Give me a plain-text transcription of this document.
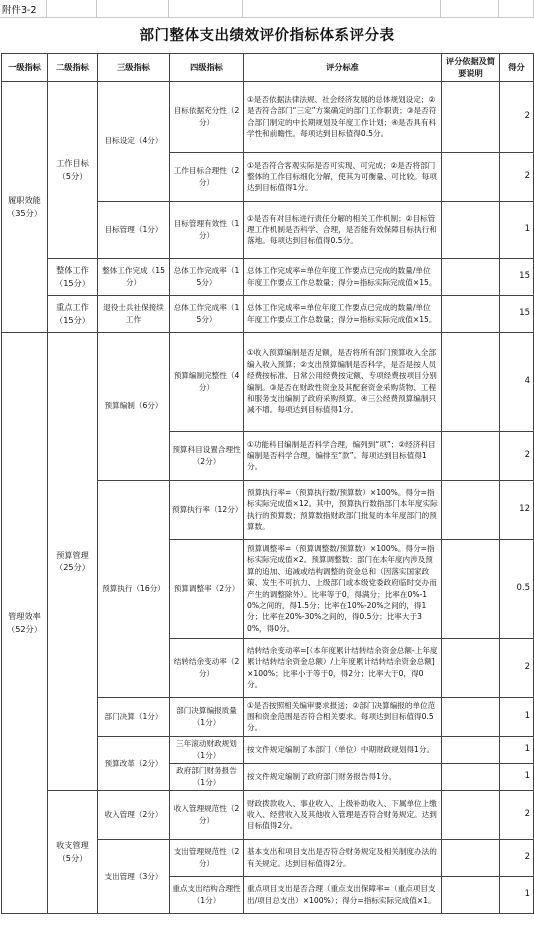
附件3-2
部门整体支出绩效评价指标体系评分表
一级指标	二级指标	三级指标	四级指标	评分标准	评分依据及简要说明	得分
履职效能（35分）	工作目标（5分）	目标设定（4分）	目标依据充分性（2分）	①是否依据法律法规、社会经济发展的总体规划设定；②是否符合部门“三定”方案确定的部门工作职责；③是否符合部门制定的中长期规划及年度工作计划；④是否具有科学性和前瞻性。每项达到目标值得0.5分。		2
			工作目标合理性（2分）	①是否符合客观实际是否可实现、可完成；②是否将部门整体的工作目标细化分解，使其为可衡量、可比较。每项达到目标值得1分。		2
		目标管理（1分）	目标管理有效性（1分）	①是否有对目标进行责任分解的相关工作机制；②目标管理工作机制是否科学、合理，是否能有效保障目标执行和落地。每项达到目标值得0.5分。		1
	整体工作（15分）	整体工作完成（15分）	总体工作完成率（15分）	总体工作完成率=单位年度工作要点已完成的数量/单位年度工作要点工作总数量；得分=指标实际完成值×15。		15
	重点工作（15分）	退役士兵社保接续工作	总体工作完成率（15分）	总体工作完成率=单位年度工作要点已完成的数量/单位年度工作要点工作总数量；得分=指标实际完成值×15。		15
管理效率（52分）	预算管理（25分）	预算编制（6分）	预算编制完整性（4分）	①收入预算编制是否足额，是否将所有部门预算收入全部编入收入预算；②支出预算编制是否科学，是否是按人员经费按标准、日常公用经费按定额、专项经费按项目分别编制。③是否在财政性资金及其配套资金采购货物、工程和服务支出编制了政府采购预算。④三公经费预算编制只减不增。每项达到目标值得1分。		4
			预算科目设置合理性（2分）	①功能科目编制是否科学合理，编列到“项”；②经济科目编制是否科学合理，编排至“款”。每项达到目标值得1分。		2
		预算执行（16分）	预算执行率（12分）	预算执行率=（预算执行数/预算数）×100%。得分=指标实际完成值×12。其中，预算执行数指部门本年度实际执行的预算数；预算数指财政部门批复的本年度部门的预算数。		12
			预算调整率（2分）	预算调整率=（预算调整数/预算数）×100%。得分=指标实际完成值×2。预算调整数：部门在本年度内涉及预算的追加、追减或结构调整的资金总和（因落实国家政策、发生不可抗力、上级部门或本级党委政府临时交办而产生的调整除外）。比率等于0，得满分；比率在0%-10%之间的，得1.5分；比率在10%-20%之间的，得1分；比率在20%-30%之间的，得0.5分；比率大于30%，得0分。		0.5
			结转结余变动率（2分）	结转结余变动率=[（本年度累计结转结余资金总额-上年度累计结转结余资金总额）/上年度累计结转结余资金总额]×100%；比率小于等于0，得2分；比率大于0，得0分。		2
		部门决算（1分）	部门决算编报质量（1分）	①是否按照相关编审要求报送；②部门决算编报的单位范围和资金范围是否符合相关要求。每项达到目标值得0.5分。		1
		预算改革（2分）	三年滚动财政规划（1分）	按文件规定编制了本部门（单位）中期财政规划得1分。		1
			政府部门财务报告（1分）	按文件规定编制了政府部门财务报告得1分。		1
	收支管理（5分）	收入管理（2分）	收入管理规范性（2分）	财政拨款收入、事业收入、上级补助收入、下属单位上缴收入、经营收入及其他收入管理是否符合财务规定。达到目标值得2分。		2
		支出管理（3分）	支出管理规范性（2分）	基本支出和项目支出是否符合财务规定及相关制度办法的有关规定。达到目标值得2分。		2
			重点支出结构合理性（1分）	重点项目支出是否合理（重点支出保障率=（重点项目支出/项目总支出）×100%）；得分=指标实际完成值×1。		1
